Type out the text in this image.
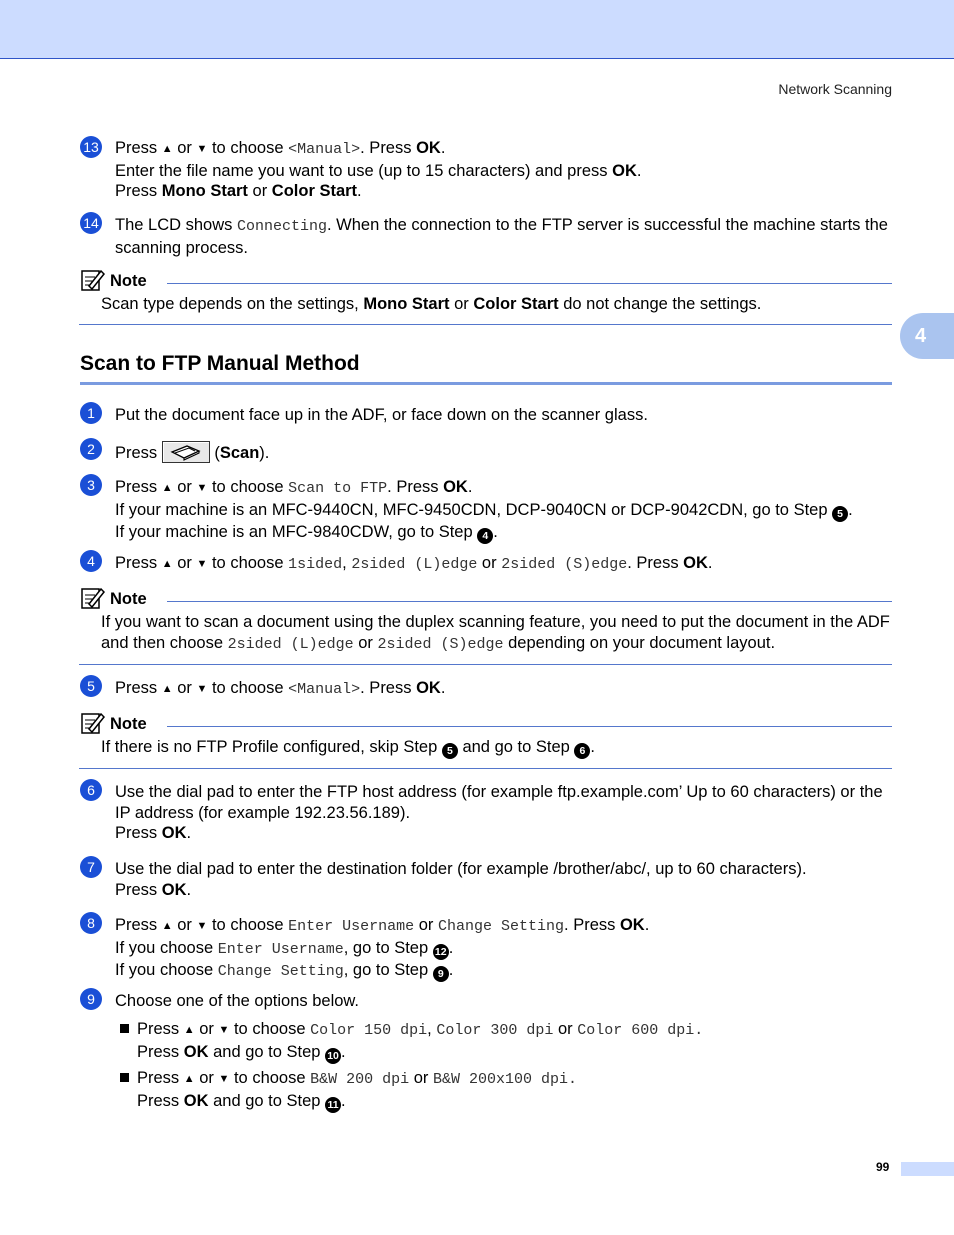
Network Scanning
4
13 Press ▲ or ▼ to choose <Manual>. Press OK.
Enter the file name you want to use (up to 15 characters) and press OK.
Press Mono Start or Color Start.
14 The LCD shows Connecting. When the connection to the FTP server is successful the machine starts the scanning process.
Note
Scan type depends on the settings, Mono Start or Color Start do not change the settings.
Scan to FTP Manual Method
1	Put the document face up in the ADF, or face down on the scanner glass.
2	Press	(Scan).
3	Press ▲ or ▼ to choose Scan to FTP. Press OK.
If your machine is an MFC-9440CN, MFC-9450CDN, DCP-9040CN or DCP-9042CDN, go to Step 5 .
If your machine is an MFC-9840CDW, go to Step 4 .
4	Press ▲ or ▼ to choose 1sided, 2sided (L)edge or 2sided (S)edge. Press OK.
Note
If you want to scan a document using the duplex scanning feature, you need to put the document in the ADF and then choose 2sided (L)edge or 2sided (S)edge depending on your document layout.
5	Press ▲ or ▼ to choose <Manual>. Press OK.
Note
If there is no FTP Profile configured, skip Step 5 and go to Step 6 .
6	Use the dial pad to enter the FTP host address (for example ftp.example.com’ Up to 60 characters) or the IP address (for example 192.23.56.189).
Press OK.
7	Use the dial pad to enter the destination folder (for example /brother/abc/, up to 60 characters).
Press OK.
8	Press ▲ or ▼ to choose Enter Username or Change Setting. Press OK.
If you choose Enter Username, go to Step 12 .
If you choose Change Setting, go to Step 9 .
9	Choose one of the options below.
Press ▲ or ▼ to choose Color 150 dpi, Color 300 dpi or Color 600 dpi.
Press OK and go to Step 10 .
Press ▲ or ▼ to choose B&W 200 dpi or B&W 200x100 dpi.
Press OK and go to Step 11 .
99
